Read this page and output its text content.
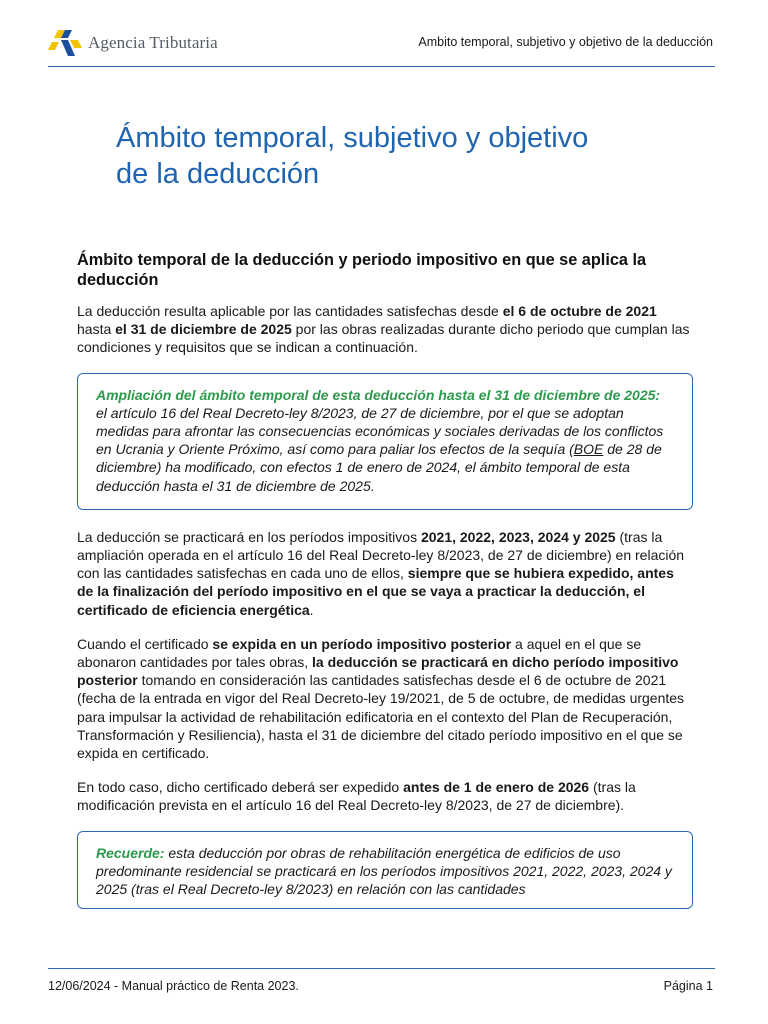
Agencia Tributaria	Ambito temporal, subjetivo y objetivo de la deducción
Ámbito temporal, subjetivo y objetivo
de la deducción
Ámbito temporal de la deducción y periodo impositivo en que se aplica la deducción

La deducción resulta aplicable por las cantidades satisfechas desde el 6 de octubre de 2021 hasta el 31 de diciembre de 2025 por las obras realizadas durante dicho periodo que cumplan las condiciones y requisitos que se indican a continuación.

Ampliación del ámbito temporal de esta deducción hasta el 31 de diciembre de 2025: el artículo 16 del Real Decreto-ley 8/2023, de 27 de diciembre, por el que se adoptan medidas para afrontar las consecuencias económicas y sociales derivadas de los conflictos en Ucrania y Oriente Próximo, así como para paliar los efectos de la sequía (BOE de 28 de diciembre) ha modificado, con efectos 1 de enero de 2024, el ámbito temporal de esta deducción hasta el 31 de diciembre de 2025.

La deducción se practicará en los períodos impositivos 2021, 2022, 2023, 2024 y 2025 (tras la ampliación operada en el artículo 16 del Real Decreto-ley 8/2023, de 27 de diciembre) en relación con las cantidades satisfechas en cada uno de ellos, siempre que se hubiera expedido, antes de la finalización del período impositivo en el que se vaya a practicar la deducción, el certificado de eficiencia energética.

Cuando el certificado se expida en un período impositivo posterior a aquel en el que se abonaron cantidades por tales obras, la deducción se practicará en dicho período impositivo posterior tomando en consideración las cantidades satisfechas desde el 6 de octubre de 2021 (fecha de la entrada en vigor del Real Decreto-ley 19/2021, de 5 de octubre, de medidas urgentes para impulsar la actividad de rehabilitación edificatoria en el contexto del Plan de Recuperación, Transformación y Resiliencia), hasta el 31 de diciembre del citado período impositivo en el que se expida en certificado.

En todo caso, dicho certificado deberá ser expedido antes de 1 de enero de 2026 (tras la modificación prevista en el artículo 16 del Real Decreto-ley 8/2023, de 27 de diciembre).

Recuerde: esta deducción por obras de rehabilitación energética de edificios de uso predominante residencial se practicará en los períodos impositivos 2021, 2022, 2023, 2024 y 2025 (tras el Real Decreto-ley 8/2023) en relación con las cantidades

12/06/2024 - Manual práctico de Renta 2023.	Página 1
